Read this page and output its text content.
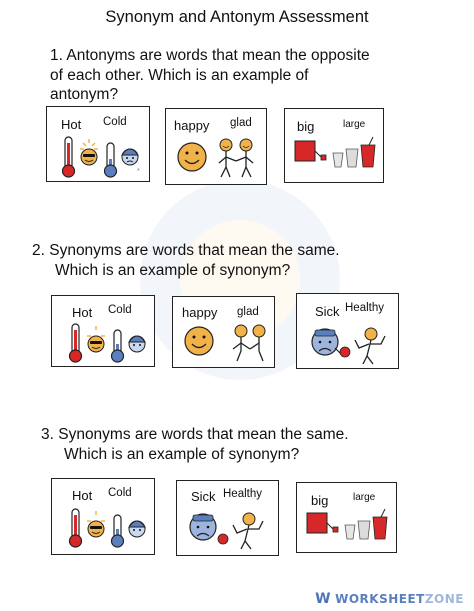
Synonym and Antonym Assessment
1. Antonyms are words that mean the opposite
of each other. Which is an example of
antonym?
Hot Cold
*
happy glad	big	large
2. Synonyms are words that mean the same.
Which is an example of synonym?
Hot Cold	happy glad	Sick Healthy
3. Synonyms are words that mean the same.
Which is an example of synonym?
Hot Cold	Sick Healthy	big large
W WORKSHEET ZONE
